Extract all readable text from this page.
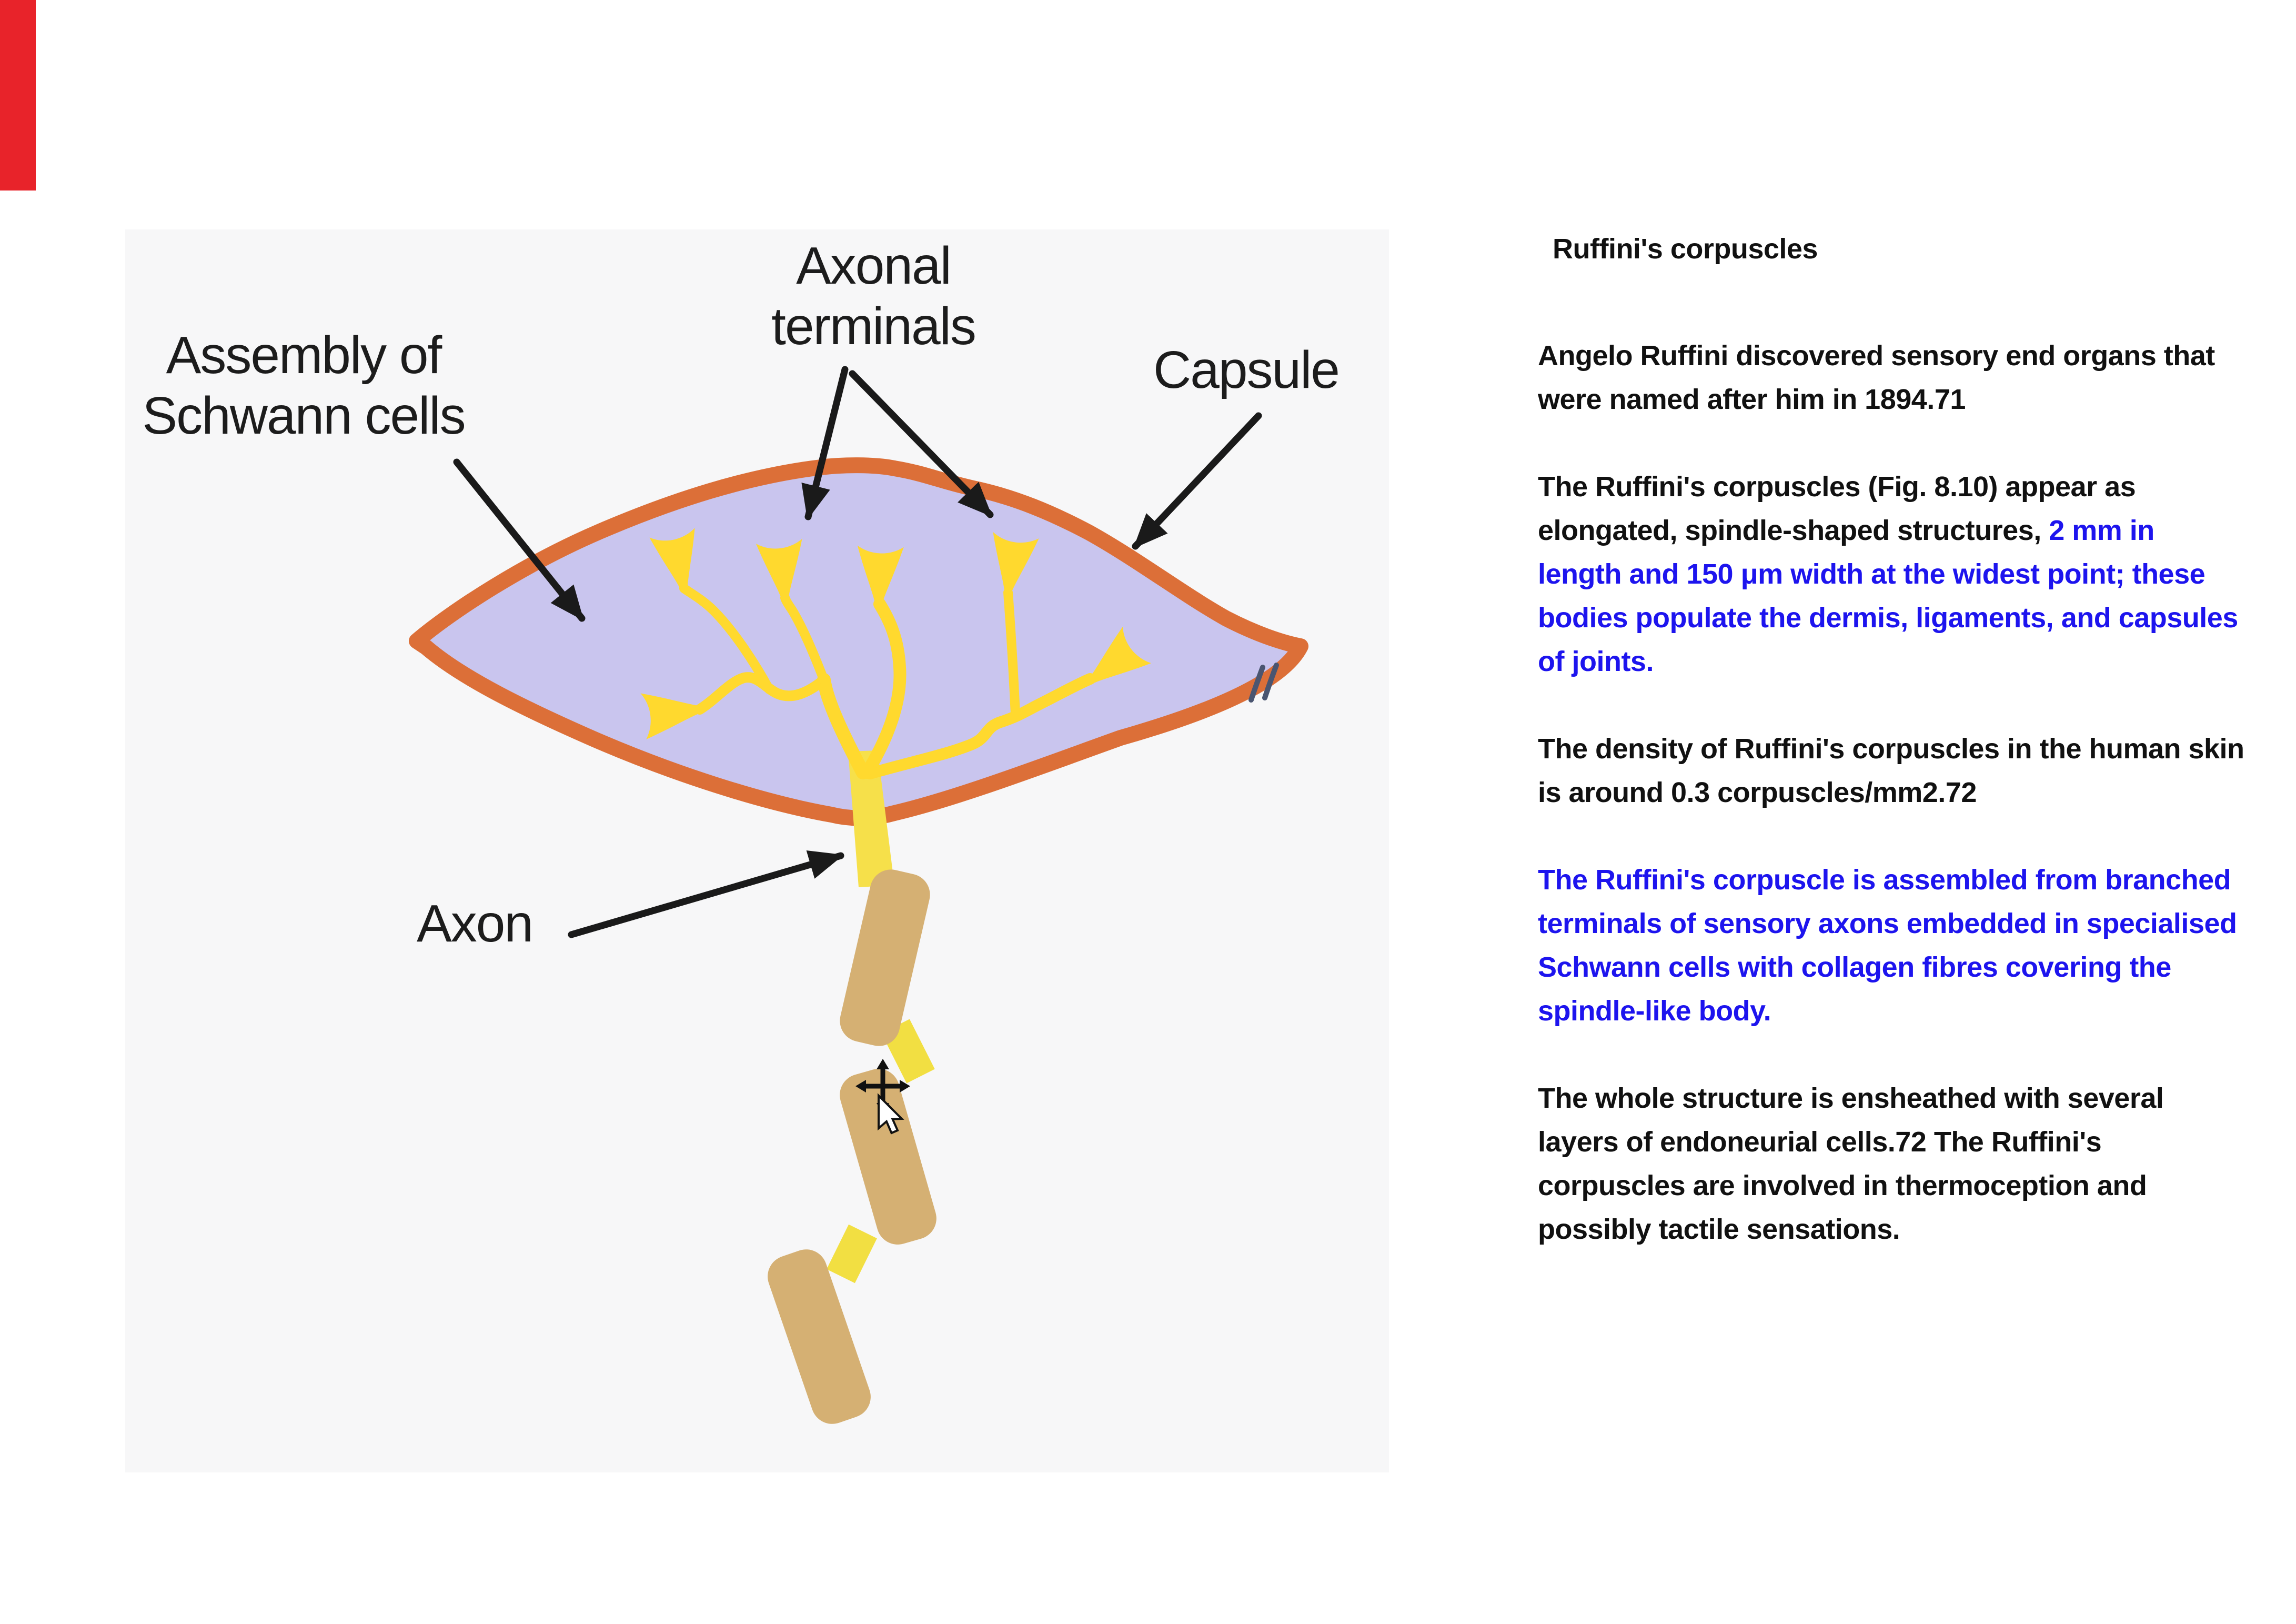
Axonal
terminals
Assembly of
Schwann cells
Capsule
Axon
Ruffini's corpuscles

Angelo Ruffini discovered sensory end organs that were named after him in 1894.71

The Ruffini's corpuscles (Fig. 8.10) appear as elongated, spindle-shaped structures, 2 mm in length and 150 μm width at the widest point; these bodies populate the dermis, ligaments, and capsules of joints.

The density of Ruffini's corpuscles in the human skin is around 0.3 corpuscles/mm2.72

The Ruffini's corpuscle is assembled from branched terminals of sensory axons embedded in specialised Schwann cells with collagen fibres covering the spindle-like body.

The whole structure is ensheathed with several layers of endoneurial cells.72 The Ruffini's corpuscles are involved in thermoception and possibly tactile sensations.
